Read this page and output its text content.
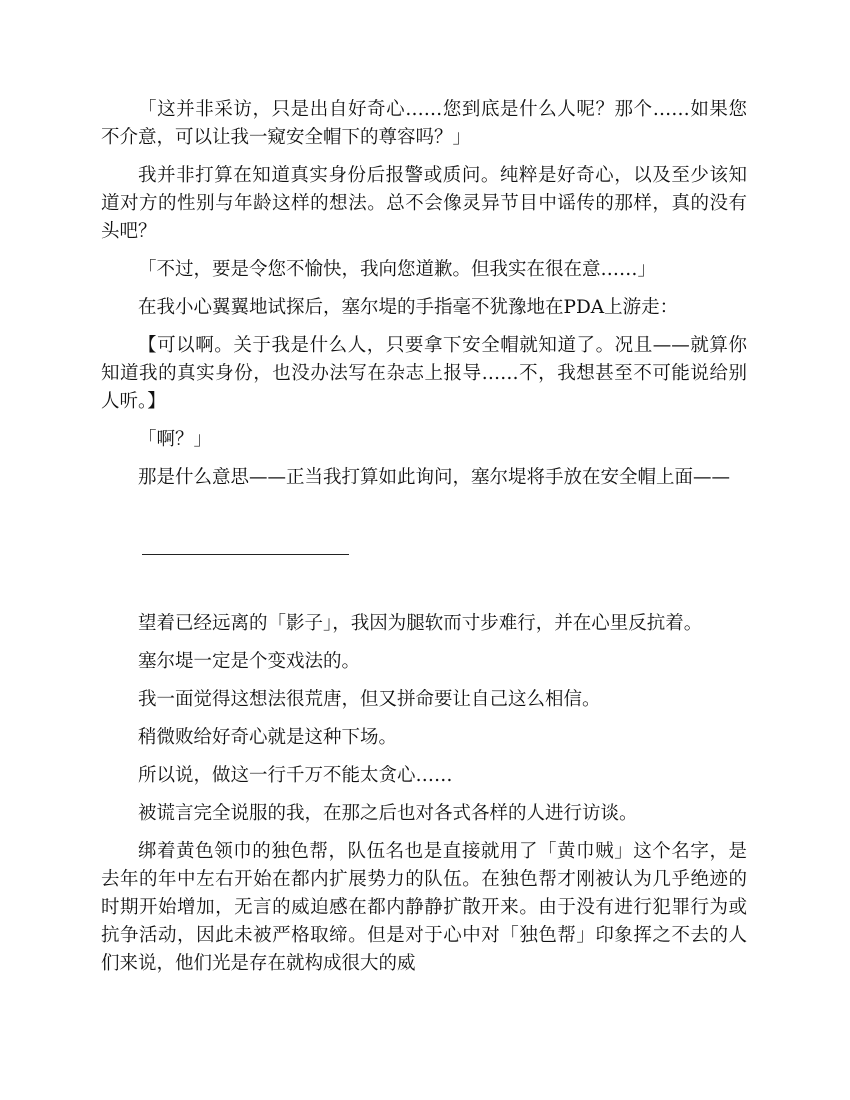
「这并非采访，只是出自好奇心……您到底是什么人呢？那个……如果您不介意，可以让我一窥安全帽下的尊容吗？」

我并非打算在知道真实身份后报警或质问。纯粹是好奇心，以及至少该知道对方的性别与年龄这样的想法。总不会像灵异节目中谣传的那样，真的没有头吧？

「不过，要是令您不愉快，我向您道歉。但我实在很在意……」

在我小心翼翼地试探后，塞尔堤的手指毫不犹豫地在PDA上游走：

【可以啊。关于我是什么人，只要拿下安全帽就知道了。况且——就算你知道我的真实身份，也没办法写在杂志上报导……不，我想甚至不可能说给别人听。】

「啊？」

那是什么意思——正当我打算如此询问，塞尔堤将手放在安全帽上面——

望着已经远离的「影子」，我因为腿软而寸步难行，并在心里反抗着。

塞尔堤一定是个变戏法的。

我一面觉得这想法很荒唐，但又拼命要让自己这么相信。

稍微败给好奇心就是这种下场。

所以说，做这一行千万不能太贪心……

被谎言完全说服的我，在那之后也对各式各样的人进行访谈。

绑着黄色领巾的独色帮，队伍名也是直接就用了「黄巾贼」这个名字，是去年的年中左右开始在都内扩展势力的队伍。在独色帮才刚被认为几乎绝迹的时期开始增加，无言的威迫感在都内静静扩散开来。由于没有进行犯罪行为或抗争活动，因此未被严格取缔。但是对于心中对「独色帮」印象挥之不去的人们来说，他们光是存在就构成很大的威
